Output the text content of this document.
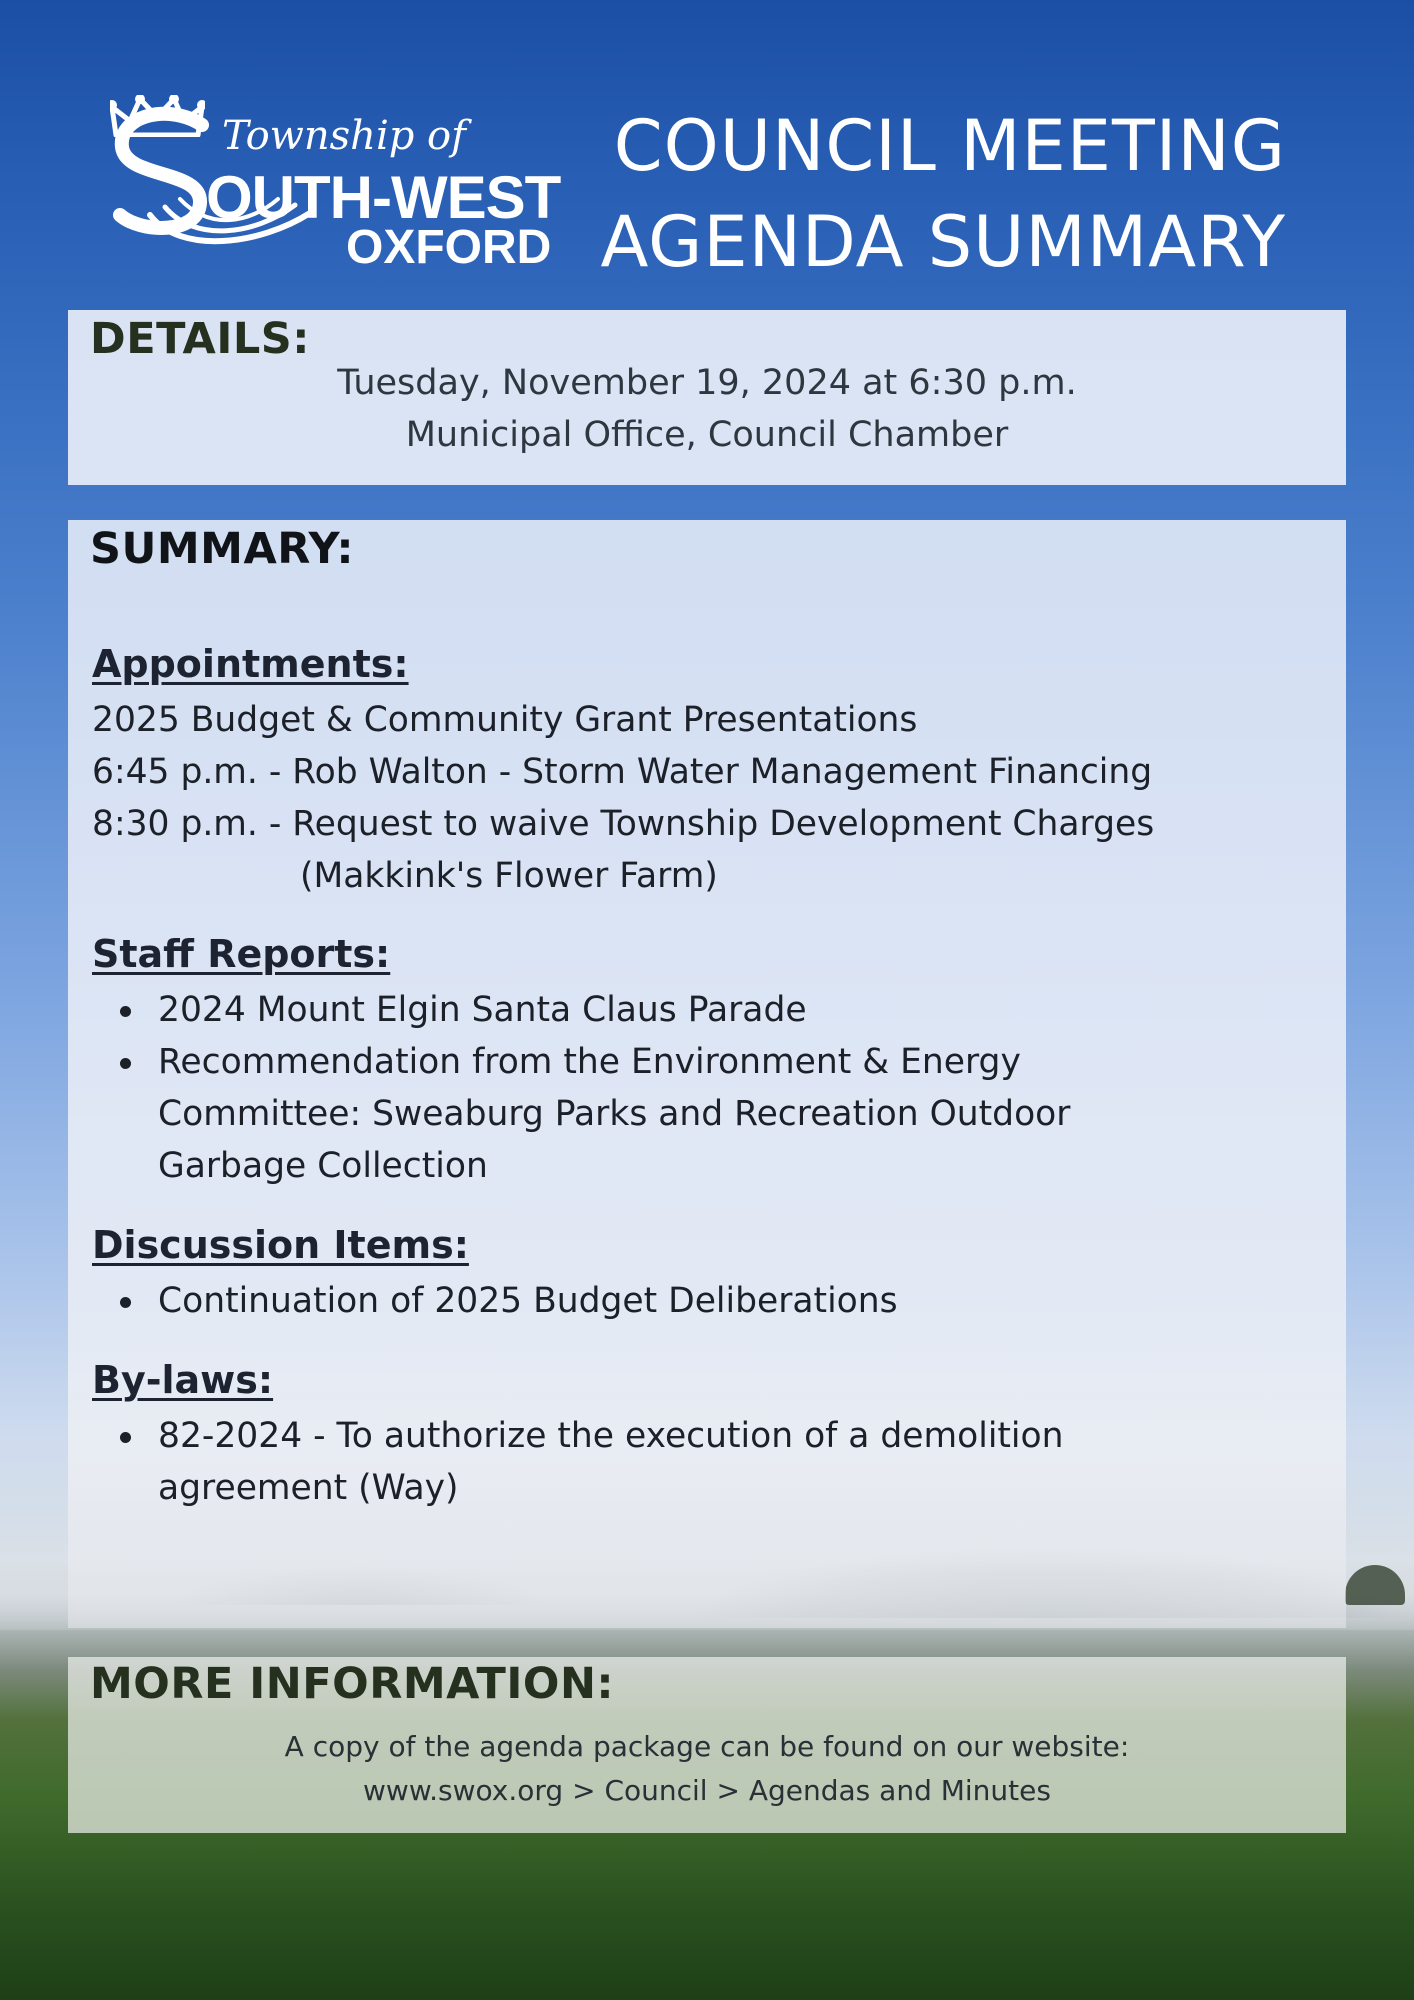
Township of
OUTH-WEST
OXFORD
COUNCIL MEETING
AGENDA SUMMARY
DETAILS:
Tuesday, November 19, 2024 at 6:30 p.m.
Municipal Office, Council Chamber
SUMMARY:
Appointments:
2025 Budget & Community Grant Presentations
6:45 p.m. - Rob Walton - Storm Water Management Financing
8:30 p.m. - Request to waive Township Development Charges
(Makkink's Flower Farm)
Staff Reports:
2024 Mount Elgin Santa Claus Parade
Recommendation from the Environment & Energy Committee: Sweaburg Parks and Recreation Outdoor Garbage Collection
Discussion Items:
Continuation of 2025 Budget Deliberations
By-laws:
82-2024 - To authorize the execution of a demolition agreement (Way)
MORE INFORMATION:
A copy of the agenda package can be found on our website:
www.swox.org > Council > Agendas and Minutes
